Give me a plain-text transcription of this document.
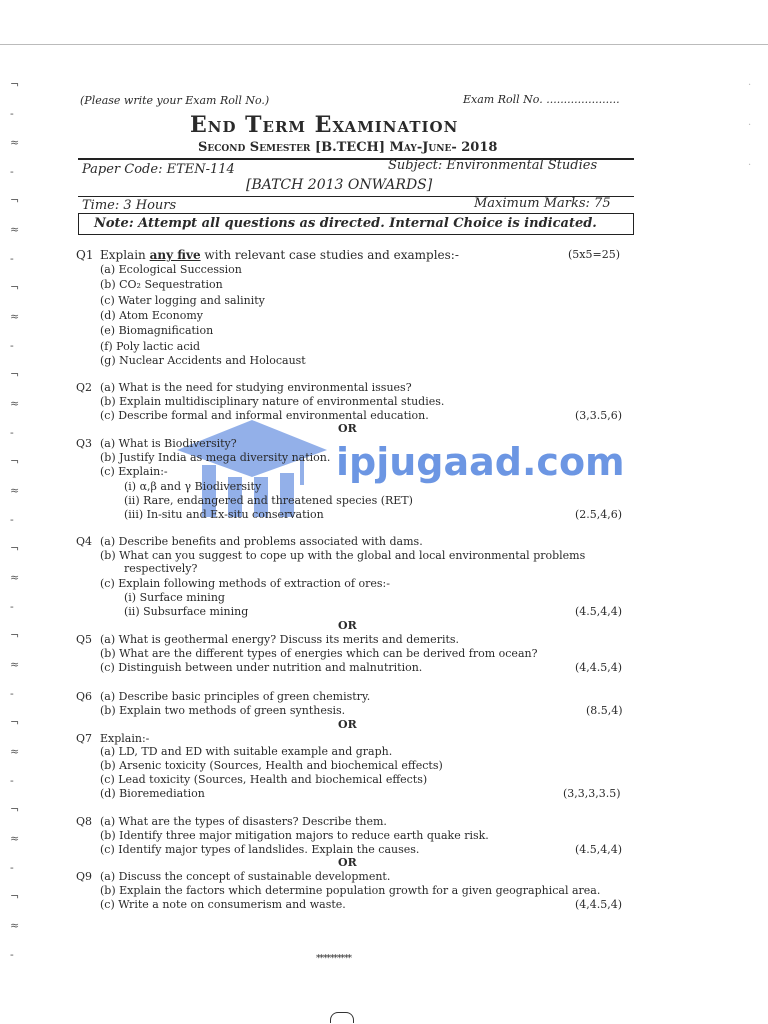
¬
-
≈
-
¬
≈
-
¬
≈
-
¬
≈
-
¬
≈
-
¬
≈
-
¬
≈
-
¬
≈
-
¬
≈
-
¬
≈
-
·
·
·
(Please write your Exam Roll No.)	Exam Roll No. .....................
End Term Examination
Second Semester [B.TECH] May-June- 2018
Paper Code: ETEN-114	Subject: Environmental Studies
[BATCH 2013 ONWARDS]
Time: 3 Hours	Maximum Marks: 75
Note: Attempt all questions as directed. Internal Choice is indicated.
ipjugaad.com
Q1 Explain any five with relevant case studies and examples:-	(5x5=25)
(a) Ecological Succession
(b) CO₂ Sequestration
(c) Water logging and salinity
(d) Atom Economy
(e) Biomagnification
(f) Poly lactic acid
(g) Nuclear Accidents and Holocaust
Q2 (a) What is the need for studying environmental issues?
(b) Explain multidisciplinary nature of environmental studies.
(c) Describe formal and informal environmental education.	(3,3.5,6)
OR
Q3 (a) What is Biodiversity?
(b) Justify India as mega diversity nation.
(c) Explain:-
(i) α,β and γ Biodiversity
(ii) Rare, endangered and threatened species (RET)
(iii) In-situ and Ex-situ conservation	(2.5,4,6)
Q4 (a) Describe benefits and problems associated with dams.
(b) What can you suggest to cope up with the global and local environmental problems
respectively?
(c) Explain following methods of extraction of ores:-
(i) Surface mining
(ii) Subsurface mining	(4.5,4,4)
OR
Q5 (a) What is geothermal energy? Discuss its merits and demerits.
(b) What are the different types of energies which can be derived from ocean?
(c) Distinguish between under nutrition and malnutrition.	(4,4.5,4)
Q6 (a) Describe basic principles of green chemistry.
(b) Explain two methods of green synthesis.	(8.5,4)
OR
Q7 Explain:-
(a) LD, TD and ED with suitable example and graph.
(b) Arsenic toxicity (Sources, Health and biochemical effects)
(c) Lead toxicity (Sources, Health and biochemical effects)
(d) Bioremediation	(3,3,3,3.5)
Q8 (a) What are the types of disasters? Describe them.
(b) Identify three major mitigation majors to reduce earth quake risk.
(c) Identify major types of landslides. Explain the causes.	(4.5,4,4)
OR
Q9 (a) Discuss the concept of sustainable development.
(b) Explain the factors which determine population growth for a given geographical area.
(c) Write a note on consumerism and waste.	(4,4.5,4)
**********
